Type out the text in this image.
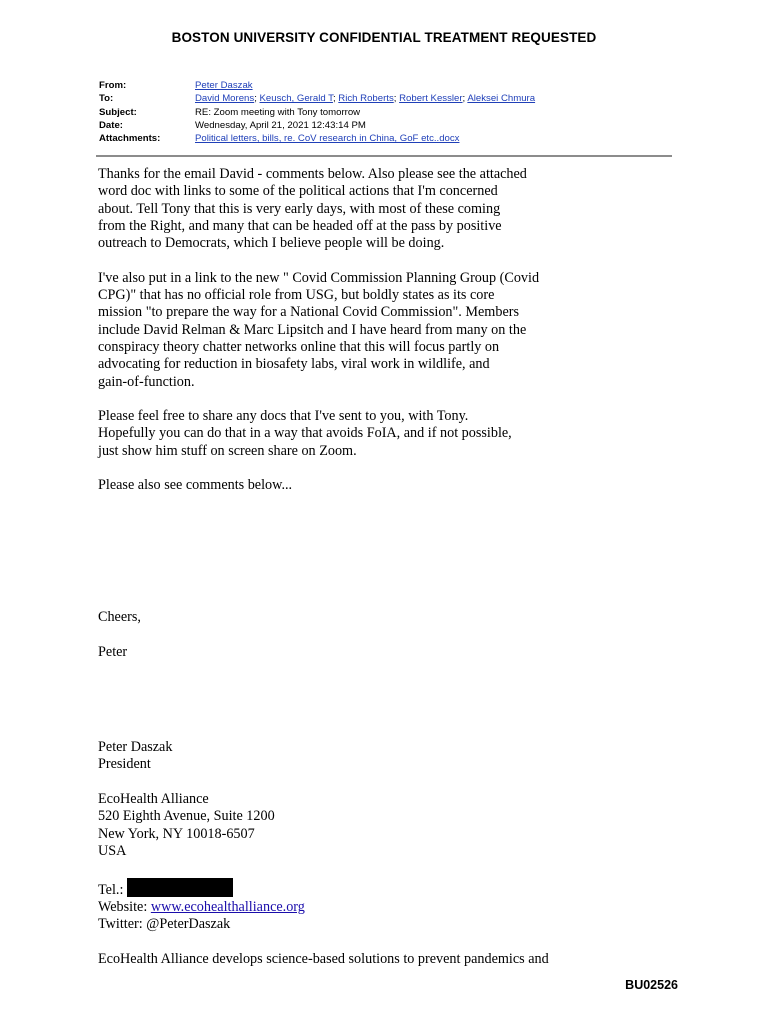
BOSTON UNIVERSITY CONFIDENTIAL TREATMENT REQUESTED
From:	Peter Daszak
To:	David Morens; Keusch, Gerald T; Rich Roberts; Robert Kessler; Aleksei Chmura
Subject:	RE: Zoom meeting with Tony tomorrow
Date:	Wednesday, April 21, 2021 12:43:14 PM
Attachments:	Political letters, bills, re. CoV research in China, GoF etc..docx

Thanks for the email David - comments below. Also please see the attached
word doc with links to some of the political actions that I'm concerned
about. Tell Tony that this is very early days, with most of these coming
from the Right, and many that can be headed off at the pass by positive
outreach to Democrats, which I believe people will be doing.

I've also put in a link to the new " Covid Commission Planning Group (Covid
CPG)" that has no official role from USG, but boldly states as its core
mission "to prepare the way for a National Covid Commission". Members
include David Relman & Marc Lipsitch and I have heard from many on the
conspiracy theory chatter networks online that this will focus partly on
advocating for reduction in biosafety labs, viral work in wildlife, and
gain-of-function.

Please feel free to share any docs that I've sent to you, with Tony.
Hopefully you can do that in a way that avoids FoIA, and if not possible,
just show him stuff on screen share on Zoom.

Please also see comments below...

Cheers,

Peter

Peter Daszak
President
EcoHealth Alliance
520 Eighth Avenue, Suite 1200
New York, NY 10018-6507
USA
Tel.:
Website: www.ecohealthalliance.org
Twitter: @PeterDaszak
EcoHealth Alliance develops science-based solutions to prevent pandemics and
BU02526
